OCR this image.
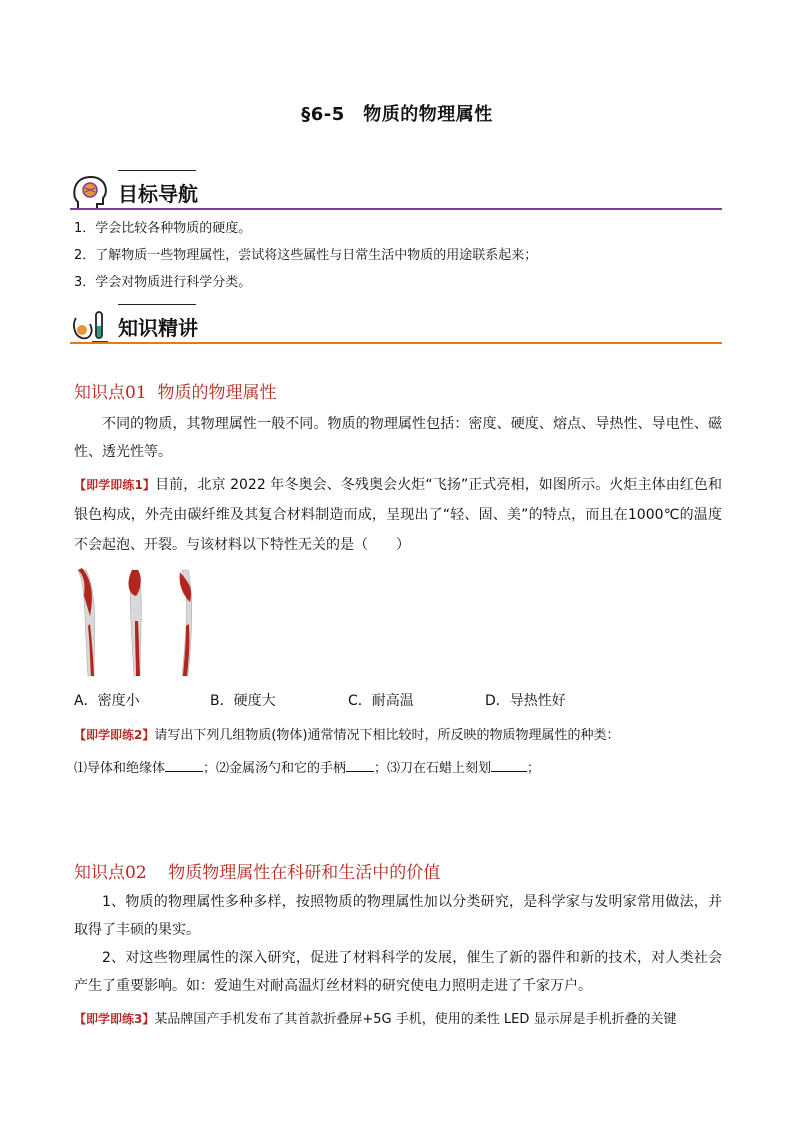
§6-5　物质的物理属性
目标导航
1．学会比较各种物质的硬度。
2．了解物质一些物理属性，尝试将这些属性与日常生活中物质的用途联系起来；
3．学会对物质进行科学分类。
知识精讲
知识点01 物质的物理属性
不同的物质，其物理属性一般不同。物质的物理属性包括：密度、硬度、熔点、导热性、导电性、磁性、透光性等。
【即学即练1】目前，北京 2022 年冬奥会、冬残奥会火炬“飞扬”正式亮相，如图所示。火炬主体由红色和银色构成，外壳由碳纤维及其复合材料制造而成，呈现出了“轻、固、美”的特点，而且在1000℃的温度不会起泡、开裂。与该材料以下特性无关的是（　　）
A．密度小	B．硬度大	C．耐高温	D．导热性好
【即学即练2】请写出下列几组物质(物体)通常情况下相比较时，所反映的物质物理属性的种类：
⑴导体和绝缘体	；⑵金属汤勺和它的手柄 ；⑶刀在石蜡上刻划	；
知识点02 物质物理属性在科研和生活中的价值
1、物质的物理属性多种多样，按照物质的物理属性加以分类研究，是科学家与发明家常用做法，并取得了丰硕的果实。
2、对这些物理属性的深入研究，促进了材料科学的发展，催生了新的器件和新的技术，对人类社会产生了重要影响。如：爱迪生对耐高温灯丝材料的研究使电力照明走进了千家万户。
【即学即练3】某品牌国产手机发布了其首款折叠屏+5G 手机，使用的柔性 LED 显示屏是手机折叠的关键
